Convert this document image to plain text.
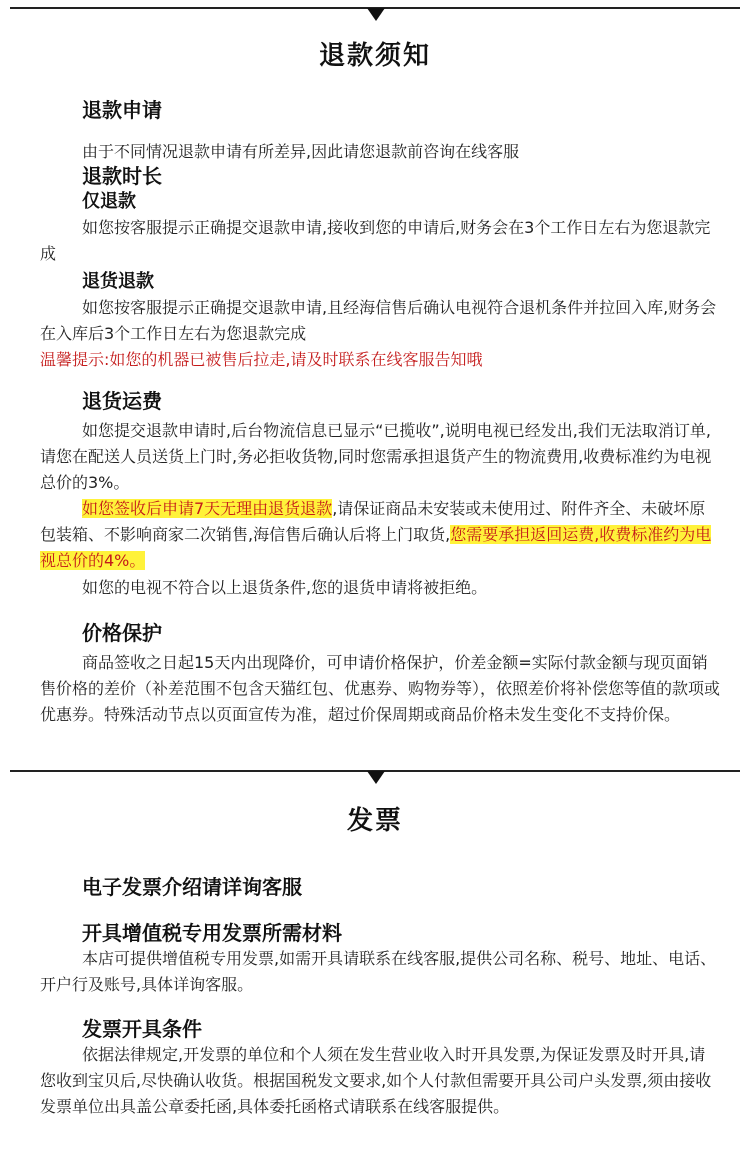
退款须知
退款申请
由于不同情况退款申请有所差异,因此请您退款前咨询在线客服
退款时长
仅退款
如您按客服提示正确提交退款申请,接收到您的申请后,财务会在3个工作日左右为您退款完成
退货退款
如您按客服提示正确提交退款申请,且经海信售后确认电视符合退机条件并拉回入库,财务会在入库后3个工作日左右为您退款完成
温馨提示:如您的机器已被售后拉走,请及时联系在线客服告知哦
退货运费
如您提交退款申请时,后台物流信息已显示“已揽收”,说明电视已经发出,我们无法取消订单,请您在配送人员送货上门时,务必拒收货物,同时您需承担退货产生的物流费用,收费标准约为电视总价的3%。
如您签收后申请7天无理由退货退款,请保证商品未安装或未使用过、附件齐全、未破坏原包装箱、不影响商家二次销售,海信售后确认后将上门取货,您需要承担返回运费,收费标准约为电视总价的4%。
如您的电视不符合以上退货条件,您的退货申请将被拒绝。
价格保护
商品签收之日起15天内出现降价，可申请价格保护，价差金额=实际付款金额与现页面销售价格的差价（补差范围不包含天猫红包、优惠券、购物券等），依照差价将补偿您等值的款项或优惠券。特殊活动节点以页面宣传为准，超过价保周期或商品价格未发生变化不支持价保。
发票
电子发票介绍请详询客服
开具增值税专用发票所需材料
本店可提供增值税专用发票,如需开具请联系在线客服,提供公司名称、税号、地址、电话、开户行及账号,具体详询客服。
发票开具条件
依据法律规定,开发票的单位和个人须在发生营业收入时开具发票,为保证发票及时开具,请您收到宝贝后,尽快确认收货。根据国税发文要求,如个人付款但需要开具公司户头发票,须由接收发票单位出具盖公章委托函,具体委托函格式请联系在线客服提供。
